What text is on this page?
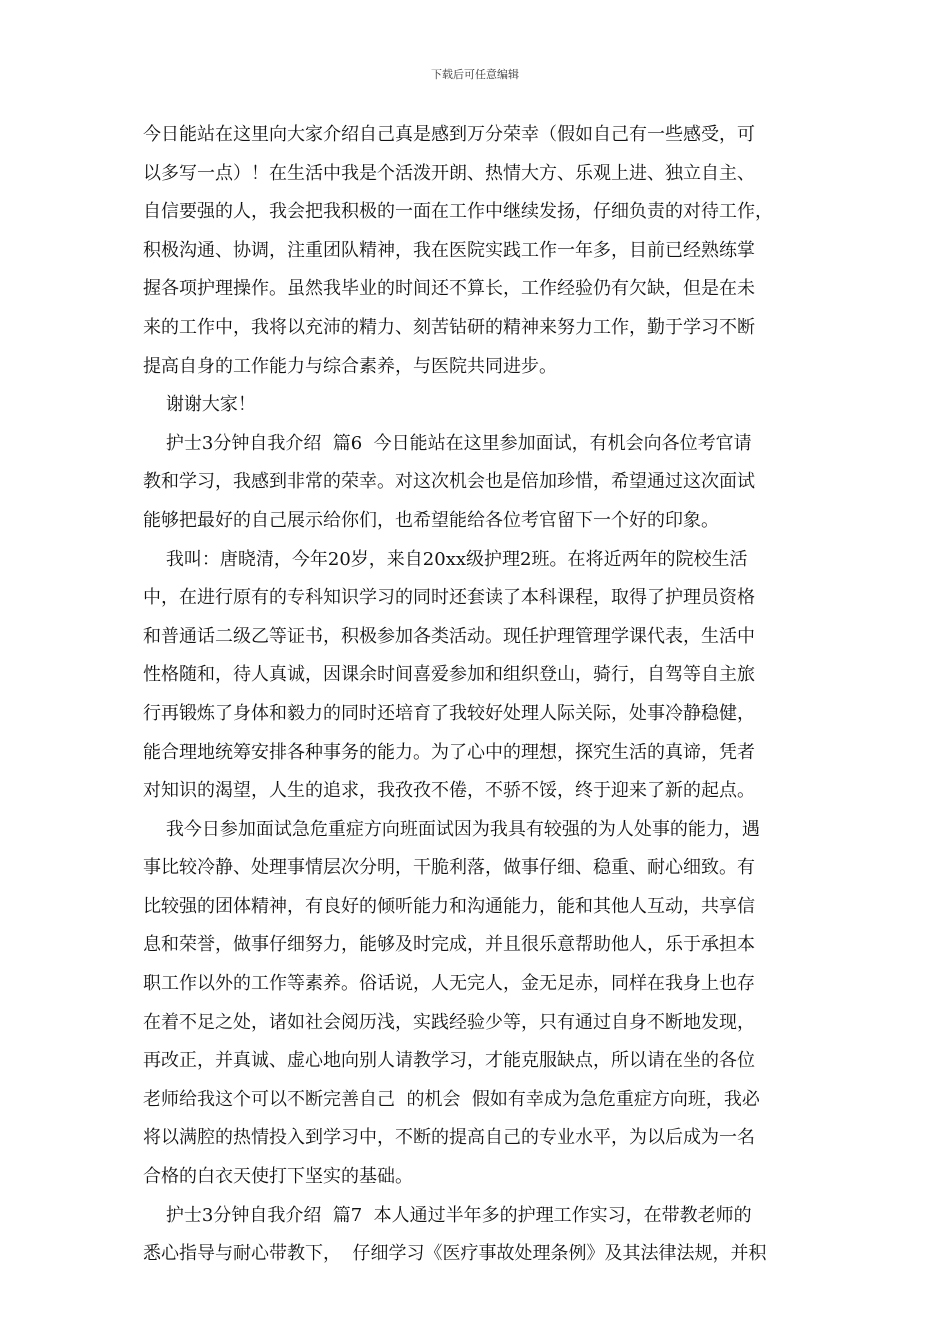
下载后可任意编辑
今日能站在这里向大家介绍自己真是感到万分荣幸（假如自己有一些感受，可
以多写一点）！在生活中我是个活泼开朗、热情大方、乐观上进、独立自主、
自信要强的人，我会把我积极的一面在工作中继续发扬，仔细负责的对待工作，
积极沟通、协调，注重团队精神，我在医院实践工作一年多，目前已经熟练掌
握各项护理操作。虽然我毕业的时间还不算长，工作经验仍有欠缺，但是在未
来的工作中，我将以充沛的精力、刻苦钻研的精神来努力工作，勤于学习不断
提高自身的工作能力与综合素养，与医院共同进步。
谢谢大家！
护士3分钟自我介绍  篇6  今日能站在这里参加面试，有机会向各位考官请
教和学习，我感到非常的荣幸。对这次机会也是倍加珍惜，希望通过这次面试
能够把最好的自己展示给你们，也希望能给各位考官留下一个好的印象。
我叫：唐晓清，今年20岁，来自20xx级护理2班。在将近两年的院校生活
中，在进行原有的专科知识学习的同时还套读了本科课程，取得了护理员资格
和普通话二级乙等证书，积极参加各类活动。现任护理管理学课代表，生活中
性格随和，待人真诚，因课余时间喜爱参加和组织登山，骑行，自驾等自主旅
行再锻炼了身体和毅力的同时还培育了我较好处理人际关际，处事冷静稳健，
能合理地统筹安排各种事务的能力。为了心中的理想，探究生活的真谛，凭者
对知识的渴望，人生的追求，我孜孜不倦，不骄不馁，终于迎来了新的起点。
我今日参加面试急危重症方向班面试因为我具有较强的为人处事的能力，遇
事比较冷静、处理事情层次分明，干脆利落，做事仔细、稳重、耐心细致。有
比较强的团体精神，有良好的倾听能力和沟通能力，能和其他人互动，共享信
息和荣誉，做事仔细努力，能够及时完成，并且很乐意帮助他人，乐于承担本
职工作以外的工作等素养。俗话说，人无完人，金无足赤，同样在我身上也存
在着不足之处，诸如社会阅历浅，实践经验少等，只有通过自身不断地发现，
再改正，并真诚、虚心地向别人请教学习，才能克服缺点，所以请在坐的各位
老师给我这个可以不断完善自己  的机会  假如有幸成为急危重症方向班，我必
将以满腔的热情投入到学习中，不断的提高自己的专业水平，为以后成为一名
合格的白衣天使打下坚实的基础。
护士3分钟自我介绍  篇7  本人通过半年多的护理工作实习，在带教老师的
悉心指导与耐心带教下，  仔细学习《医疗事故处理条例》及其法律法规，并积
